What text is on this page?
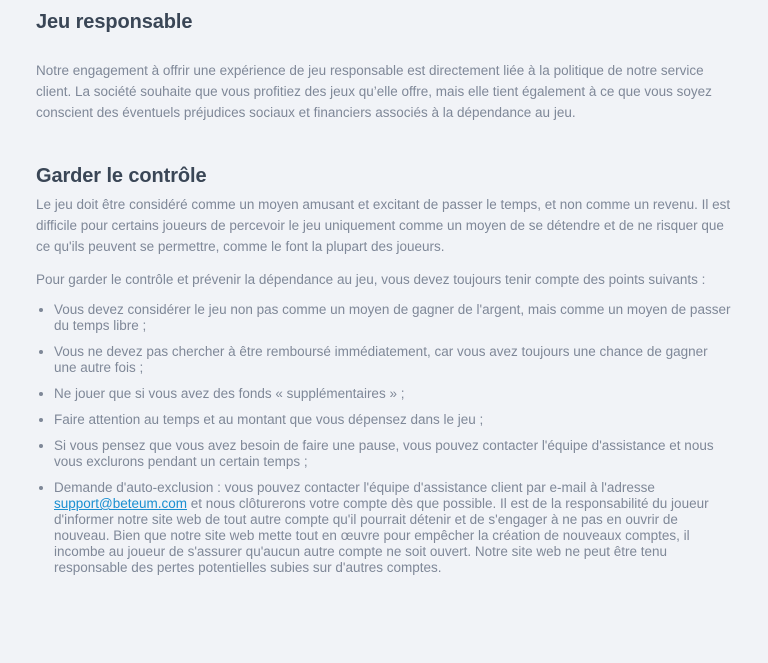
Jeu responsable

Notre engagement à offrir une expérience de jeu responsable est directement liée à la politique de notre service client. La société souhaite que vous profitiez des jeux qu’elle offre, mais elle tient également à ce que vous soyez conscient des éventuels préjudices sociaux et financiers associés à la dépendance au jeu.

Garder le contrôle

Le jeu doit être considéré comme un moyen amusant et excitant de passer le temps, et non comme un revenu. Il est difficile pour certains joueurs de percevoir le jeu uniquement comme un moyen de se détendre et de ne risquer que ce qu'ils peuvent se permettre, comme le font la plupart des joueurs.

Pour garder le contrôle et prévenir la dépendance au jeu, vous devez toujours tenir compte des points suivants :

Vous devez considérer le jeu non pas comme un moyen de gagner de l'argent, mais comme un moyen de passer du temps libre ;
Vous ne devez pas chercher à être remboursé immédiatement, car vous avez toujours une chance de gagner une autre fois ;
Ne jouer que si vous avez des fonds « supplémentaires » ;
Faire attention au temps et au montant que vous dépensez dans le jeu ;
Si vous pensez que vous avez besoin de faire une pause, vous pouvez contacter l'équipe d'assistance et nous vous exclurons pendant un certain temps ;
Demande d'auto-exclusion : vous pouvez contacter l'équipe d'assistance client par e-mail à l'adresse support@beteum.com et nous clôturerons votre compte dès que possible. Il est de la responsabilité du joueur d'informer notre site web de tout autre compte qu'il pourrait détenir et de s'engager à ne pas en ouvrir de nouveau. Bien que notre site web mette tout en œuvre pour empêcher la création de nouveaux comptes, il incombe au joueur de s'assurer qu'aucun autre compte ne soit ouvert. Notre site web ne peut être tenu responsable des pertes potentielles subies sur d'autres comptes.
